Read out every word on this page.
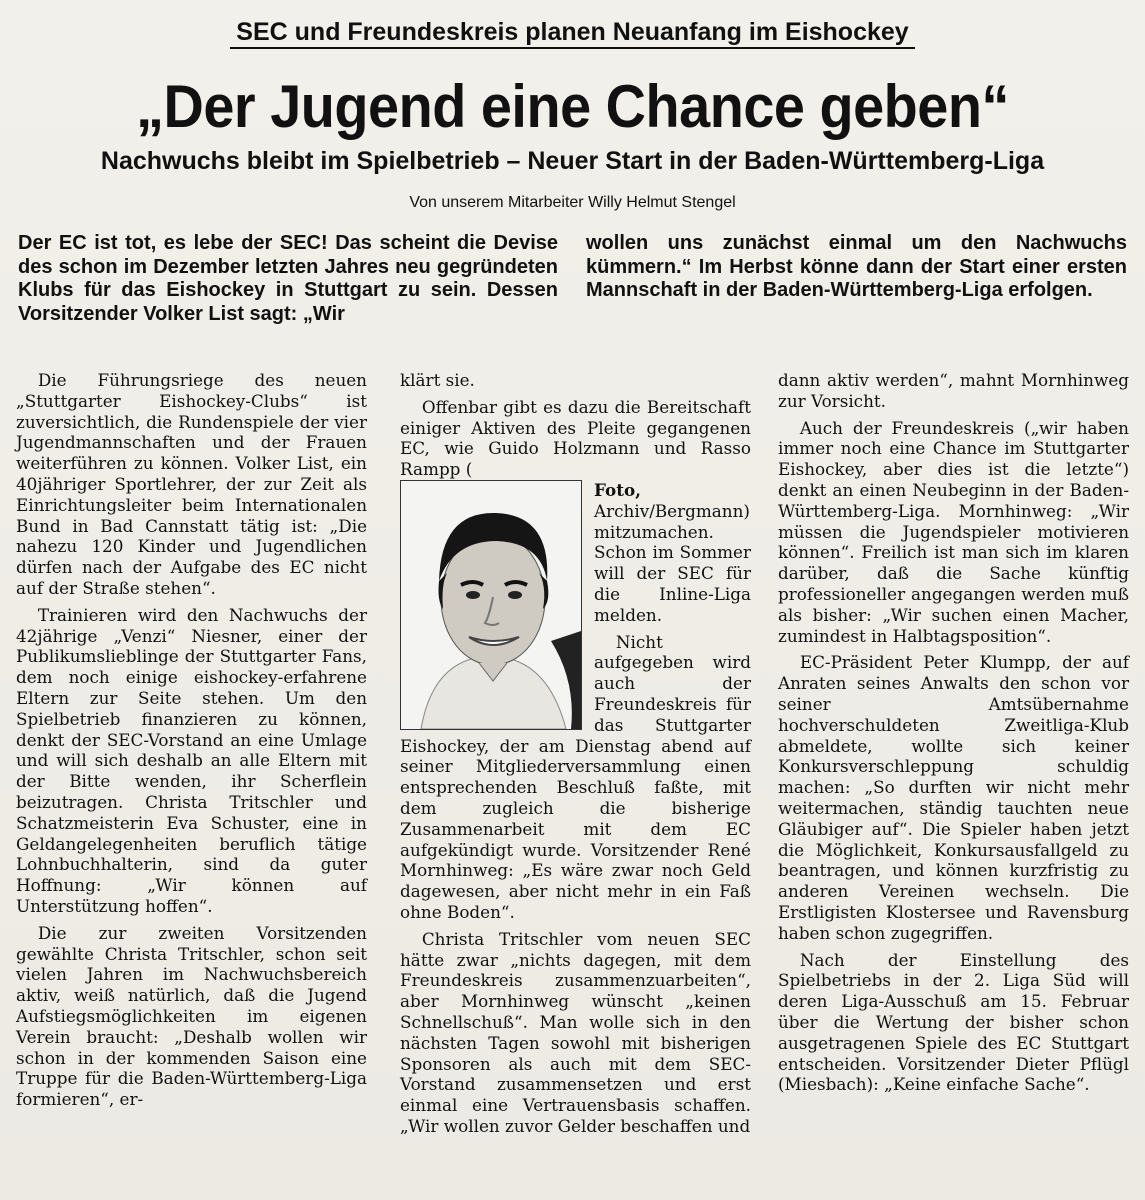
SEC und Freundeskreis planen Neuanfang im Eishockey
„Der Jugend eine Chance geben“
Nachwuchs bleibt im Spielbetrieb – Neuer Start in der Baden-Württemberg-Liga
Von unserem Mitarbeiter Willy Helmut Stengel
Der EC ist tot, es lebe der SEC! Das scheint die Devise des schon im Dezember letzten Jahres neu gegründeten Klubs für das Eishockey in Stuttgart zu sein. Dessen Vorsitzender Volker List sagt: „Wir
wollen uns zunächst einmal um den Nachwuchs kümmern.“ Im Herbst könne dann der Start einer ersten Mannschaft in der Baden-Württemberg-Liga erfolgen.

Die Führungsriege des neuen „Stuttgarter Eishockey-Clubs“ ist zuversichtlich, die Rundenspiele der vier Jugendmannschaften und der Frauen weiterführen zu können. Volker List, ein 40jähriger Sportlehrer, der zur Zeit als Einrichtungsleiter beim Internationalen Bund in Bad Cannstatt tätig ist: „Die nahezu 120 Kinder und Jugendlichen dürfen nach der Aufgabe des EC nicht auf der Straße stehen“.

Trainieren wird den Nachwuchs der 42jährige „Venzi“ Niesner, einer der Publikumslieblinge der Stuttgarter Fans, dem noch einige eishockey-erfahrene Eltern zur Seite stehen. Um den Spielbetrieb finanzieren zu können, denkt der SEC-Vorstand an eine Umlage und will sich deshalb an alle Eltern mit der Bitte wenden, ihr Scherflein beizutragen. Christa Tritschler und Schatzmeisterin Eva Schuster, eine in Geldangelegenheiten beruflich tätige Lohnbuchhalterin, sind da guter Hoffnung: „Wir können auf Unterstützung hoffen“.

Die zur zweiten Vorsitzenden gewählte Christa Tritschler, schon seit vielen Jahren im Nachwuchsbereich aktiv, weiß natürlich, daß die Jugend Aufstiegsmöglichkeiten im eigenen Verein braucht: „Deshalb wollen wir schon in der kommenden Saison eine Truppe für die Baden-Württemberg-Liga formieren“, er-

klärt sie.

Offenbar gibt es dazu die Bereitschaft einiger Aktiven des Pleite gegangenen EC, wie Guido Holzmann und Rasso Rampp (

Foto, Archiv/Bergmann) mitzumachen. Schon im Sommer will der SEC für die Inline-Liga melden.

Nicht aufgegeben wird auch der Freundeskreis für das Stuttgarter Eishockey, der am Dienstag abend auf seiner Mitgliederversammlung einen entsprechenden Beschluß faßte, mit dem zugleich die bisherige Zusammenarbeit mit dem EC aufgekündigt wurde. Vorsitzender René Mornhinweg: „Es wäre zwar noch Geld dagewesen, aber nicht mehr in ein Faß ohne Boden“.

Christa Tritschler vom neuen SEC hätte zwar „nichts dagegen, mit dem Freundeskreis zusammenzuarbeiten“, aber Mornhinweg wünscht „keinen Schnellschuß“. Man wolle sich in den nächsten Tagen sowohl mit bisherigen Sponsoren als auch mit dem SEC-Vorstand zusammensetzen und erst einmal eine Vertrauensbasis schaffen. „Wir wollen zuvor Gelder beschaffen und

dann aktiv werden“, mahnt Mornhinweg zur Vorsicht.

Auch der Freundeskreis („wir haben immer noch eine Chance im Stuttgarter Eishockey, aber dies ist die letzte“) denkt an einen Neubeginn in der Baden-Württemberg-Liga. Mornhinweg: „Wir müssen die Jugendspieler motivieren können“. Freilich ist man sich im klaren darüber, daß die Sache künftig professioneller angegangen werden muß als bisher: „Wir suchen einen Macher, zumindest in Halbtagsposition“.

EC-Präsident Peter Klumpp, der auf Anraten seines Anwalts den schon vor seiner Amtsübernahme hochverschuldeten Zweitliga-Klub abmeldete, wollte sich keiner Konkursverschleppung schuldig machen: „So durften wir nicht mehr weitermachen, ständig tauchten neue Gläubiger auf“. Die Spieler haben jetzt die Möglichkeit, Konkursausfallgeld zu beantragen, und können kurzfristig zu anderen Vereinen wechseln. Die Erstligisten Klostersee und Ravensburg haben schon zugegriffen.

Nach der Einstellung des Spielbetriebs in der 2. Liga Süd will deren Liga-Ausschuß am 15. Februar über die Wertung der bisher schon ausgetragenen Spiele des EC Stuttgart entscheiden. Vorsitzender Dieter Pflügl (Miesbach): „Keine einfache Sache“.
